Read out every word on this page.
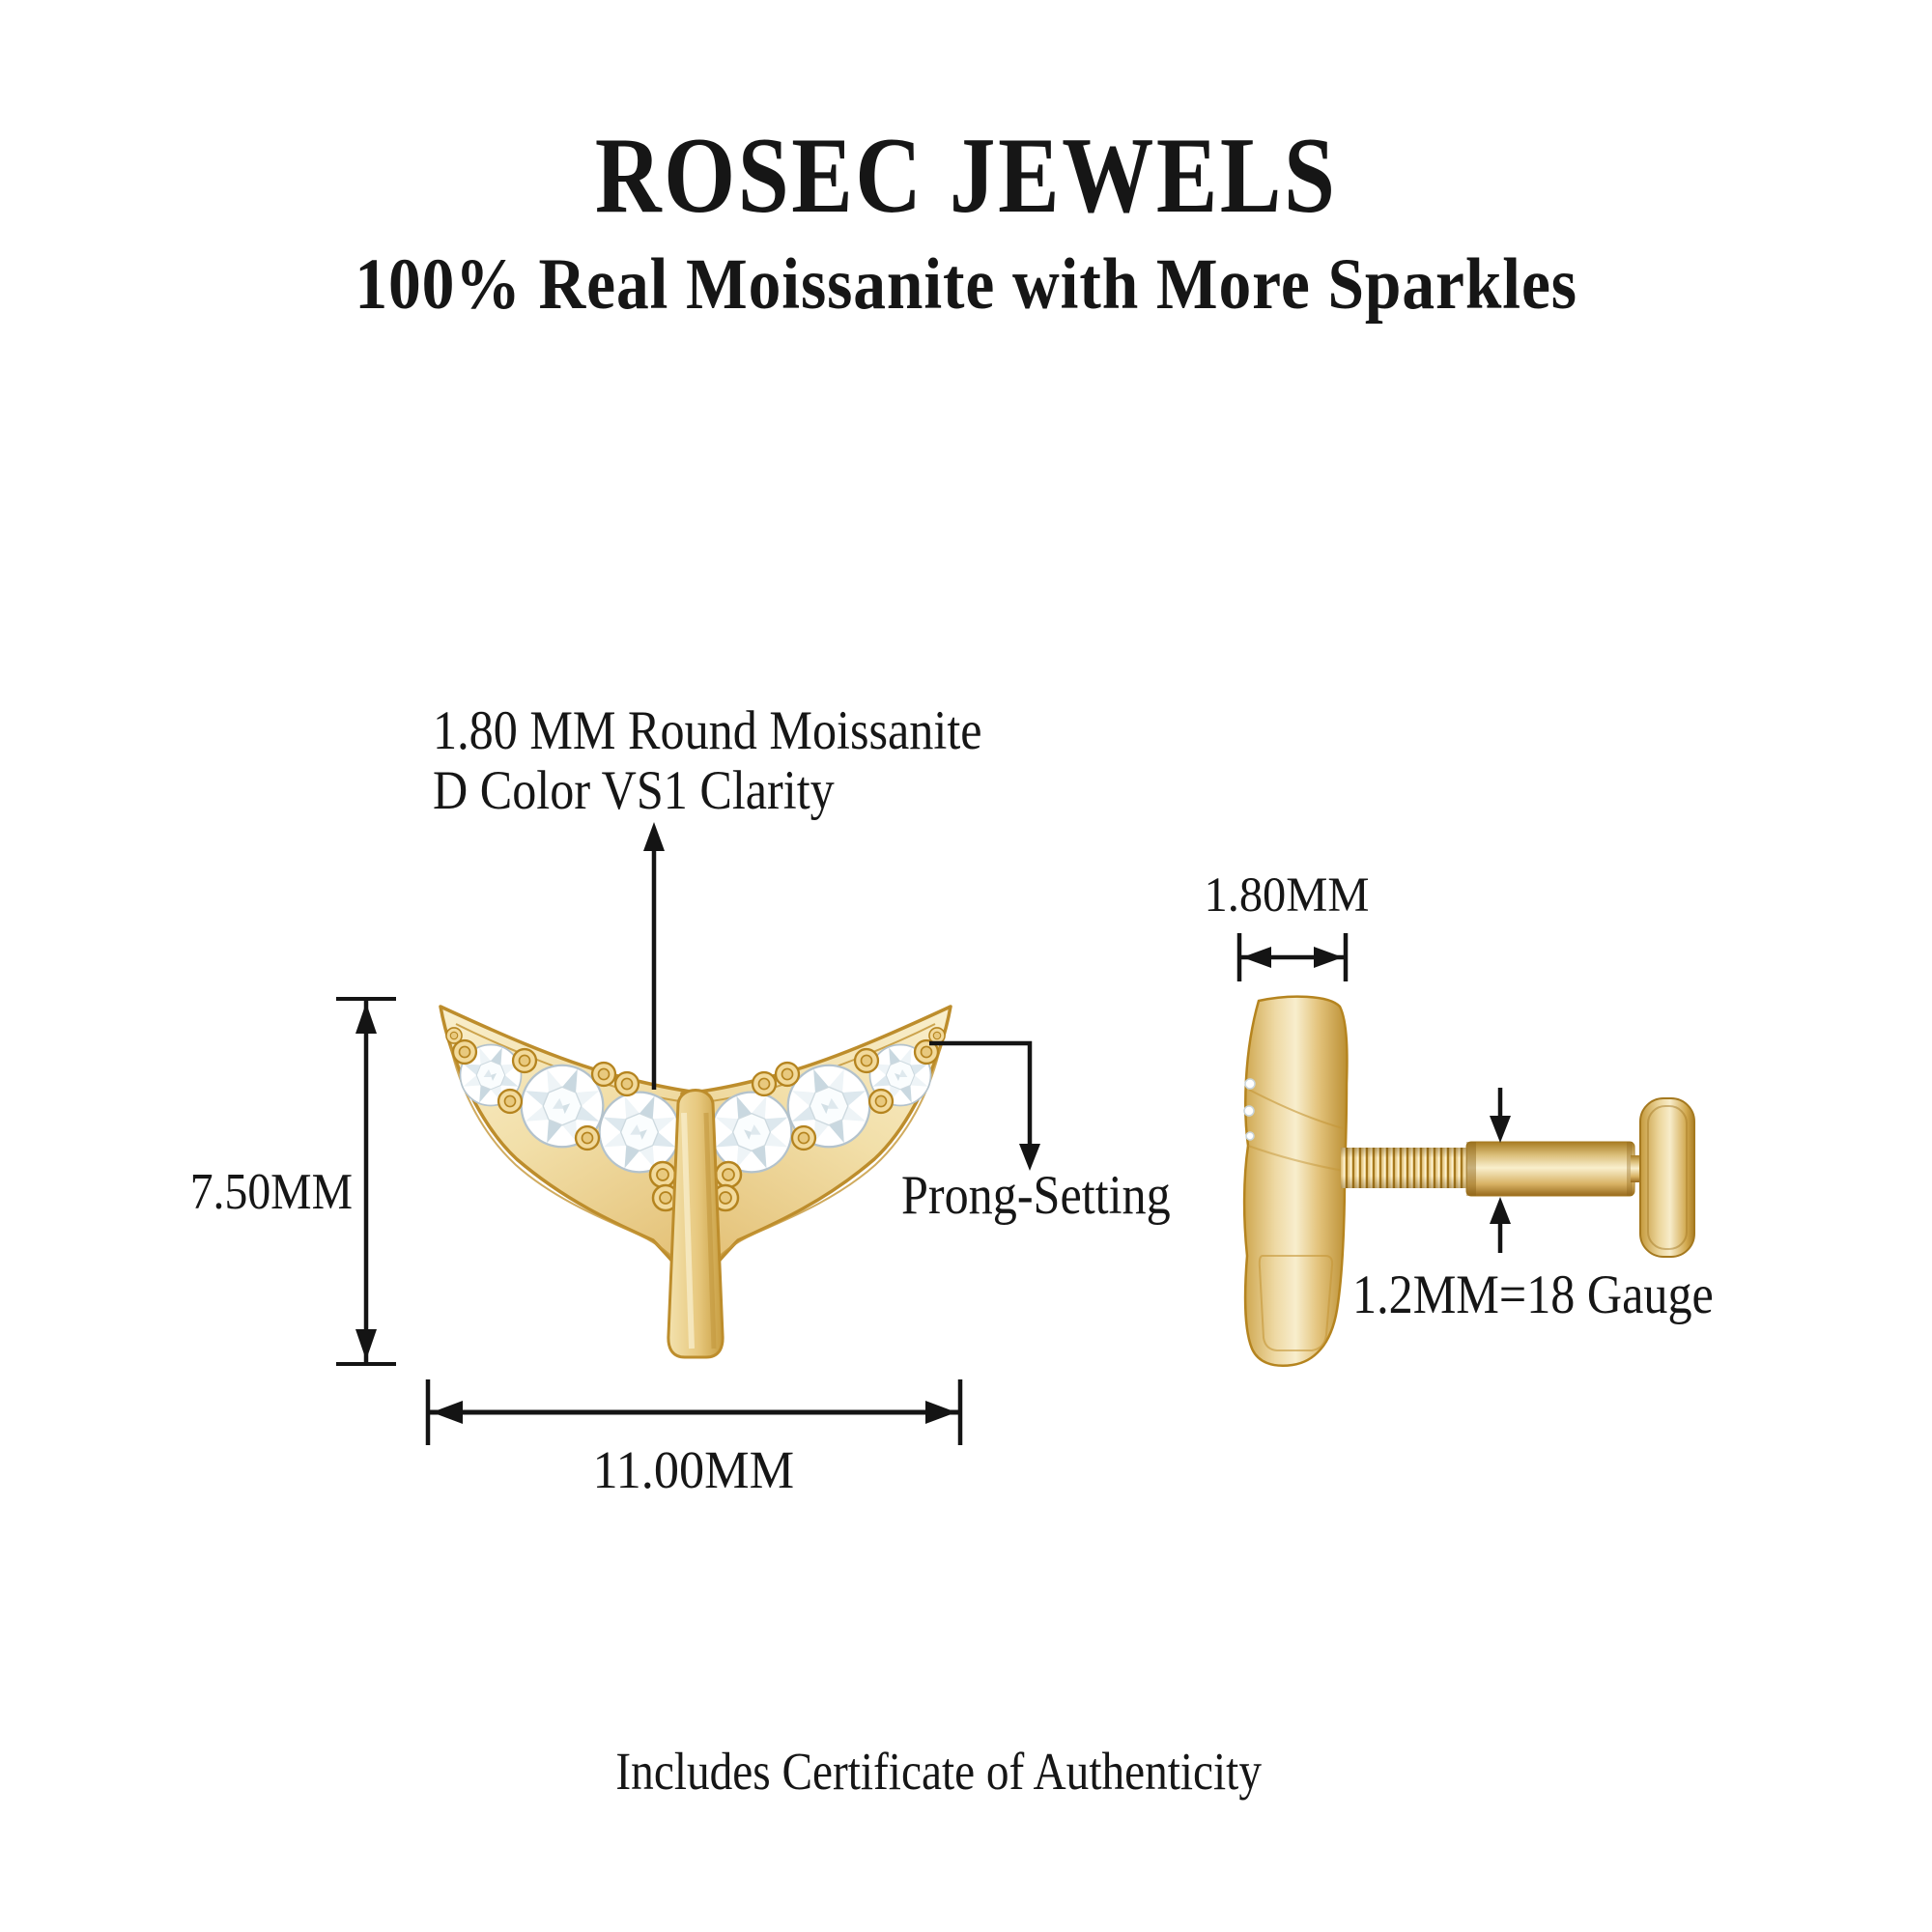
ROSEC JEWELS
100% Real Moissanite with More Sparkles
1.80 MM Round Moissanite
D Color VS1 Clarity
7.50MM
11.00MM
Prong-Setting
1.80MM
1.2MM=18 Gauge
Includes Certificate of Authenticity
